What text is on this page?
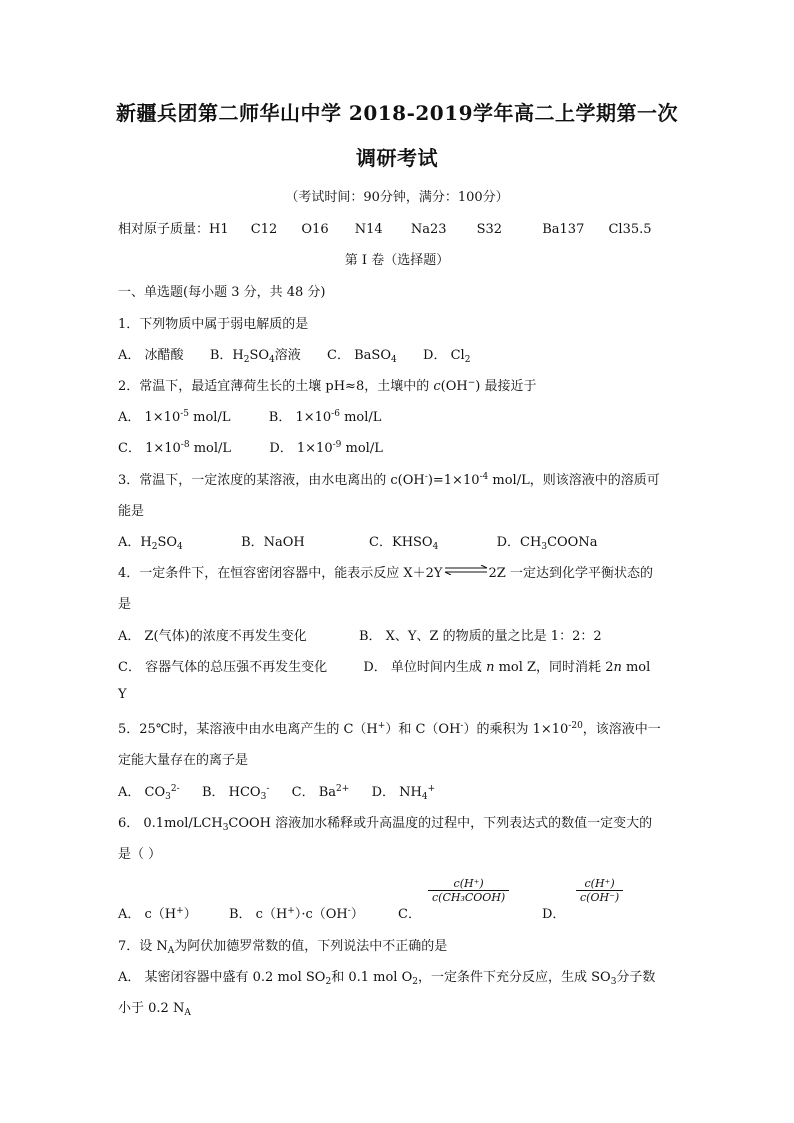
新疆兵团第二师华山中学 2018-2019学年高二上学期第一次
调研考试
（考试时间：90分钟，满分：100分）
相对原子质量：H1 C12 O16 N14 Na23 S32	Ba137 Cl35.5
第 I 卷（选择题）
一、单选题(每小题 3 分，共 48 分)
1．下列物质中属于弱电解质的是
A． 冰醋酸 B．$H_2SO_4$溶液 C． BaSO$_4$ D． $Cl_2$
2．常温下，最适宜薄荷生长的土壤 pH≈8，土壤中的 c(OH−) 最接近于
A． $1\times 10^{-5}$ mol/L	B． $1\times 10^{-6}$ mol/L
C． $1\times 10^{-8}$ mol/L	D． $1\times 10^{-9}$ mol/L
3．常温下，一定浓度的某溶液，由水电离出的 $c(OH^-)=1\times 10^{-4}$ mol/L，则该溶液中的溶质可
能是
A．$H_2SO_4$	B．NaOH	C．$KHSO_4$	D．$CH_3COONa$
4．一定条件下，在恒容密闭容器中，能表示反应 X＋2Y⇌2Z 一定达到化学平衡状态的
是
A． Z(气体)的浓度不再发生变化	B． X、Y、Z 的物质的量之比是 1：2：2
C． 容器气体的总压强不再发生变化	D． 单位时间内生成 n mol Z，同时消耗 2n mol
Y
5．25℃时，某溶液中由水电离产生的 C（H+）和 C（OH-）的乘积为 $1\times 10^{-20}$，该溶液中一
定能大量存在的离子是
A． $CO_3^{2-}$ B． $HCO_3^-$ C． $Ba^{2+}$ D． $NH_4^+$
6． $0.1mol/LCH_3COOH$ 溶液加水稀释或升高温度的过程中，下列表达式的数值一定变大的
是（ ）
A． c（H+） B． c（H+）·c（OH-）	C．
$\frac{c(H^+)}{\text{c(CH₃COOH)}}$
D．
$\frac{c(H^+)}{c(OH^-)}$
7．设 $N_A$为阿伏加德罗常数的值，下列说法中不正确的是
A． 某密闭容器中盛有 0.2 mol $SO_2$和 0.1 mol $O_2$，一定条件下充分反应，生成 $SO_3$分子数
小于 0.2 $N_A$
